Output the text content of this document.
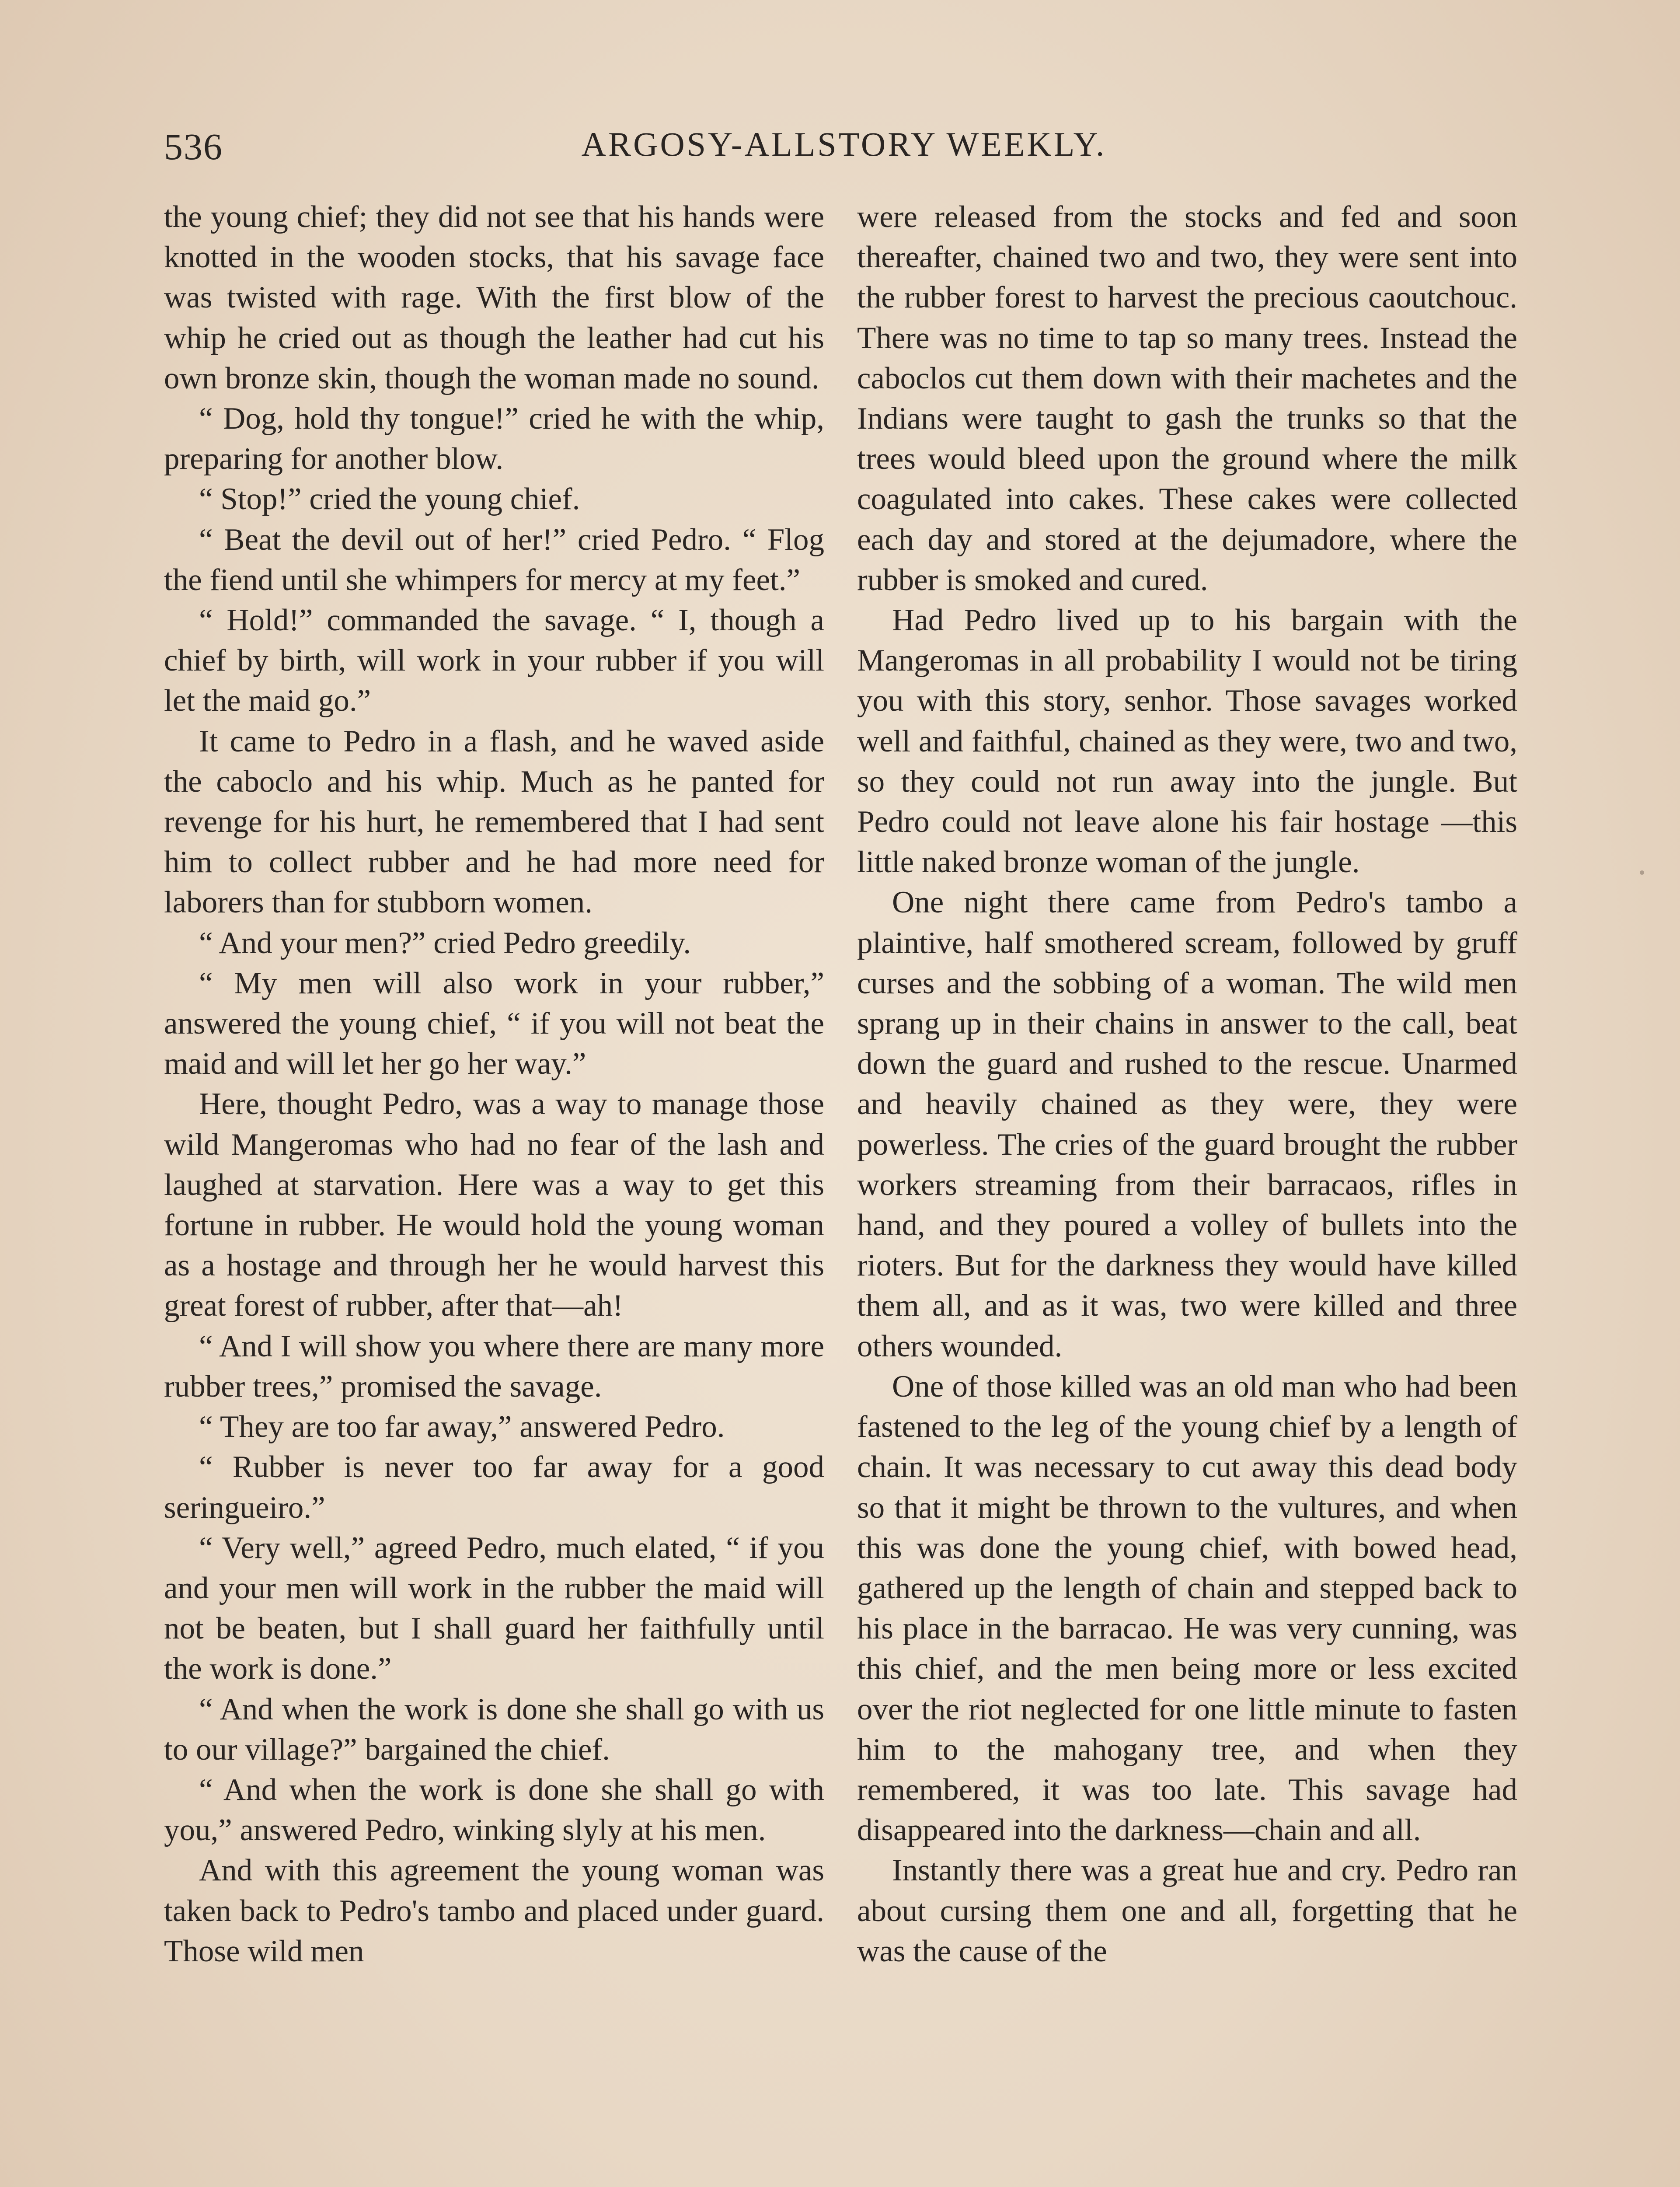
536	ARGOSY-ALLSTORY WEEKLY.

the young chief; they did not see that his hands were knotted in the wooden stocks, that his savage face was twisted with rage. With the first blow of the whip he cried out as though the leather had cut his own bronze skin, though the woman made no sound.

“ Dog, hold thy tongue!” cried he with the whip, preparing for another blow.

“ Stop!” cried the young chief.

“ Beat the devil out of her!” cried Pedro. “ Flog the fiend until she whimpers for mercy at my feet.”

“ Hold!” commanded the savage. “ I, though a chief by birth, will work in your rubber if you will let the maid go.”

It came to Pedro in a flash, and he waved aside the caboclo and his whip. Much as he panted for revenge for his hurt, he remembered that I had sent him to collect rubber and he had more need for laborers than for stubborn women.

“ And your men?” cried Pedro greedily.

“ My men will also work in your rubber,” answered the young chief, “ if you will not beat the maid and will let her go her way.”

Here, thought Pedro, was a way to manage those wild Mangeromas who had no fear of the lash and laughed at starvation. Here was a way to get this fortune in rubber. He would hold the young woman as a hostage and through her he would harvest this great forest of rubber, after that—ah!

“ And I will show you where there are many more rubber trees,” promised the savage.

“ They are too far away,” answered Pedro.

“ Rubber is never too far away for a good seringueiro.”

“ Very well,” agreed Pedro, much elated, “ if you and your men will work in the rubber the maid will not be beaten, but I shall guard her faithfully until the work is done.”

“ And when the work is done she shall go with us to our village?” bargained the chief.

“ And when the work is done she shall go with you,” answered Pedro, winking slyly at his men.

And with this agreement the young woman was taken back to Pedro's tambo and placed under guard. Those wild men

were released from the stocks and fed and soon thereafter, chained two and two, they were sent into the rubber forest to harvest the precious caoutchouc. There was no time to tap so many trees. Instead the caboclos cut them down with their machetes and the Indians were taught to gash the trunks so that the trees would bleed upon the ground where the milk coagulated into cakes. These cakes were collected each day and stored at the dejumadore, where the rubber is smoked and cured.

Had Pedro lived up to his bargain with the Mangeromas in all probability I would not be tiring you with this story, senhor. Those savages worked well and faithful, chained as they were, two and two, so they could not run away into the jungle. But Pedro could not leave alone his fair hostage —this little naked bronze woman of the jungle.

One night there came from Pedro's tambo a plaintive, half smothered scream, followed by gruff curses and the sobbing of a woman. The wild men sprang up in their chains in answer to the call, beat down the guard and rushed to the rescue. Unarmed and heavily chained as they were, they were powerless. The cries of the guard brought the rubber workers streaming from their barracaos, rifles in hand, and they poured a volley of bullets into the rioters. But for the darkness they would have killed them all, and as it was, two were killed and three others wounded.

One of those killed was an old man who had been fastened to the leg of the young chief by a length of chain. It was necessary to cut away this dead body so that it might be thrown to the vultures, and when this was done the young chief, with bowed head, gathered up the length of chain and stepped back to his place in the barracao. He was very cunning, was this chief, and the men being more or less excited over the riot neglected for one little minute to fasten him to the mahogany tree, and when they remembered, it was too late. This savage had disappeared into the darkness—chain and all.

Instantly there was a great hue and cry. Pedro ran about cursing them one and all, forgetting that he was the cause of the
